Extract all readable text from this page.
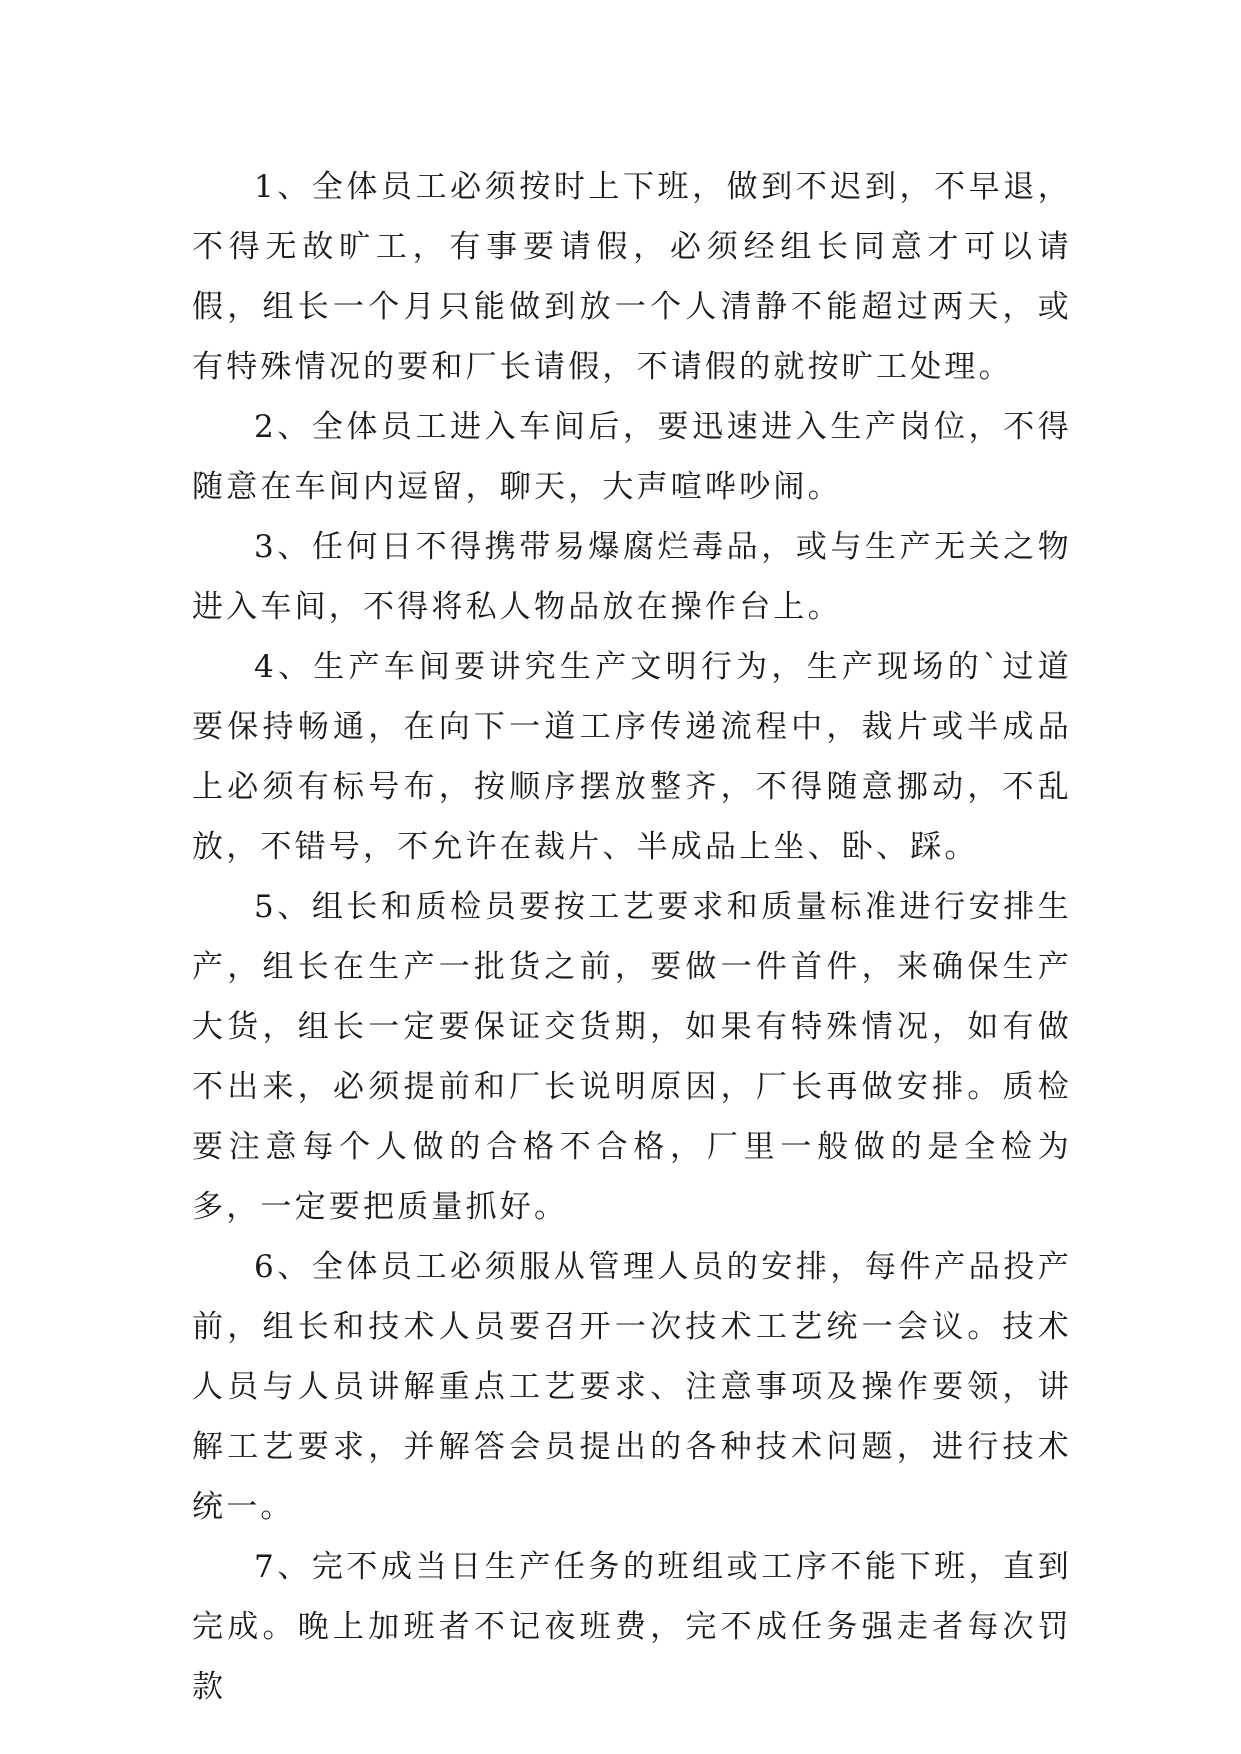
1、全体员工必须按时上下班，做到不迟到，不早退，不得无故旷工，有事要请假，必须经组长同意才可以请假，组长一个月只能做到放一个人清静不能超过两天，或有特殊情况的要和厂长请假，不请假的就按旷工处理。

2、全体员工进入车间后，要迅速进入生产岗位，不得随意在车间内逗留，聊天，大声喧哗吵闹。

3、任何日不得携带易爆腐烂毒品，或与生产无关之物进入车间，不得将私人物品放在操作台上。

4、生产车间要讲究生产文明行为，生产现场的`过道要保持畅通，在向下一道工序传递流程中，裁片或半成品上必须有标号布，按顺序摆放整齐，不得随意挪动，不乱放，不错号，不允许在裁片、半成品上坐、卧、踩。

5、组长和质检员要按工艺要求和质量标准进行安排生产，组长在生产一批货之前，要做一件首件，来确保生产大货，组长一定要保证交货期，如果有特殊情况，如有做不出来，必须提前和厂长说明原因，厂长再做安排。质检要注意每个人做的合格不合格，厂里一般做的是全检为多，一定要把质量抓好。

6、全体员工必须服从管理人员的安排，每件产品投产前，组长和技术人员要召开一次技术工艺统一会议。技术人员与人员讲解重点工艺要求、注意事项及操作要领，讲解工艺要求，并解答会员提出的各种技术问题，进行技术统一。

7、完不成当日生产任务的班组或工序不能下班，直到完成。晚上加班者不记夜班费，完不成任务强走者每次罚款
